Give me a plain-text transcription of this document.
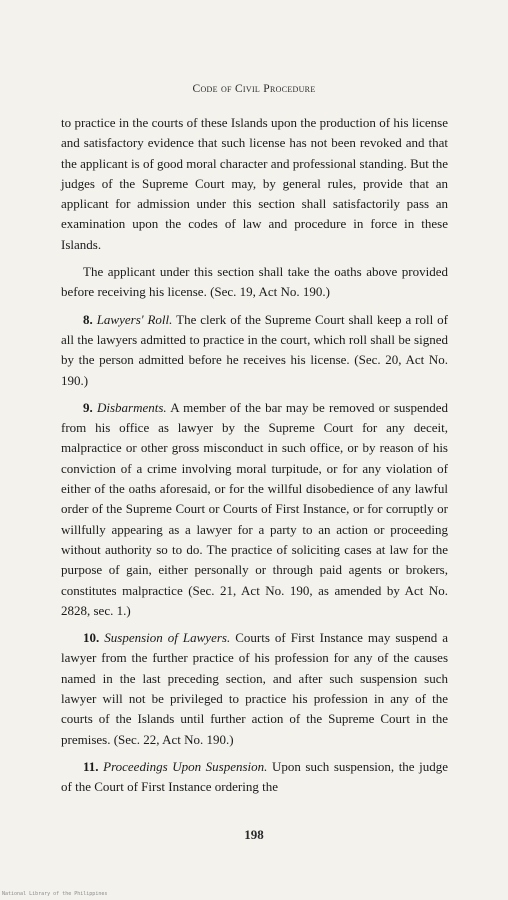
Code of Civil Procedure

to practice in the courts of these Islands upon the production of his license and satisfactory evidence that such license has not been revoked and that the applicant is of good moral character and professional standing. But the judges of the Supreme Court may, by general rules, provide that an applicant for admission under this section shall satisfactorily pass an examination upon the codes of law and procedure in force in these Islands.

The applicant under this section shall take the oaths above provided before receiving his license. (Sec. 19, Act No. 190.)

8. Lawyers' Roll. The clerk of the Supreme Court shall keep a roll of all the lawyers admitted to practice in the court, which roll shall be signed by the person admitted before he receives his license. (Sec. 20, Act No. 190.)

9. Disbarments. A member of the bar may be removed or suspended from his office as lawyer by the Supreme Court for any deceit, malpractice or other gross misconduct in such office, or by reason of his conviction of a crime involving moral turpitude, or for any violation of either of the oaths aforesaid, or for the willful disobedience of any lawful order of the Supreme Court or Courts of First Instance, or for corruptly or willfully appearing as a lawyer for a party to an action or proceeding without authority so to do. The practice of soliciting cases at law for the purpose of gain, either personally or through paid agents or brokers, constitutes malpractice (Sec. 21, Act No. 190, as amended by Act No. 2828, sec. 1.)

10. Suspension of Lawyers. Courts of First Instance may suspend a lawyer from the further practice of his profession for any of the causes named in the last preceding section, and after such suspension such lawyer will not be privileged to practice his profession in any of the courts of the Islands until further action of the Supreme Court in the premises. (Sec. 22, Act No. 190.)

11. Proceedings Upon Suspension. Upon such suspension, the judge of the Court of First Instance ordering the

198
National Library of the Philippines
